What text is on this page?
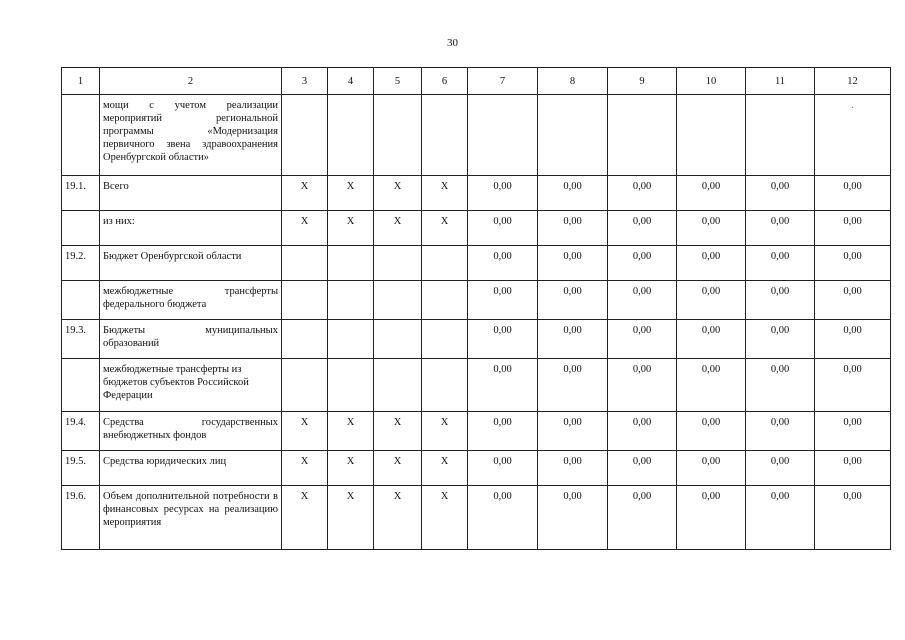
30
1	2	3	4	5	6	7	8	9	10	11	12
	мощи с учетом реализации мероприятий региональной программы «Модернизация первичного звена здравоохранения Оренбургской области»										.
19.1.	Всего	X	X	X	X	0,00	0,00	0,00	0,00	0,00	0,00
	из них:	X	X	X	X	0,00	0,00	0,00	0,00	0,00	0,00
19.2.	Бюджет Оренбургской области					0,00	0,00	0,00	0,00	0,00	0,00
	межбюджетные трансферты федерального бюджета					0,00	0,00	0,00	0,00	0,00	0,00
19.3.	Бюджеты муниципальных образований					0,00	0,00	0,00	0,00	0,00	0,00
	межбюджетные трансферты из бюджетов субъектов Российской Федерации					0,00	0,00	0,00	0,00	0,00	0,00
19.4.	Средства государственных внебюджетных фондов	X	X	X	X	0,00	0,00	0,00	0,00	0,00	0,00
19.5.	Средства юридических лиц	X	X	X	X	0,00	0,00	0,00	0,00	0,00	0,00
19.6.	Объем дополнительной потребности в финансовых ресурсах на реализацию мероприятия	X	X	X	X	0,00	0,00	0,00	0,00	0,00	0,00
